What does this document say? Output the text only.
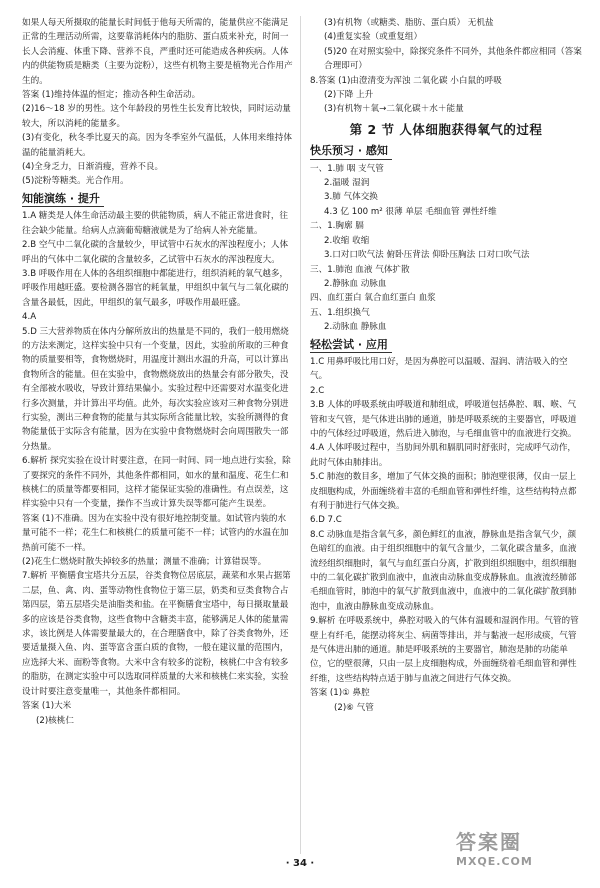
如果人每天所摄取的能量长时间低于他每天所需的，能量供应不能满足正常的生理活动所需，这要靠消耗体内的脂肪、蛋白质来补充，时间一长人会消瘦、体重下降、营养不良，严重时还可能造成各种疾病。人体内的供能物质是糖类（主要为淀粉），这些有机物主要是植物光合作用产生的。

答案 (1)维持体温的恒定；推动各种生命活动。

(2)16～18 岁的男性。这个年龄段的男性生长发育比较快，同时运动量较大，所以消耗的能量多。

(3)有变化，秋冬季比夏天的高。因为冬季室外气温低，人体用来维持体温的能量消耗大。

(4)全身乏力，日渐消瘦，营养不良。

(5)淀粉等糖类。光合作用。

知能演练 · 提升

1.A 糖类是人体生命活动最主要的供能物质，病人不能正常进食时，往往会缺少能量。给病人点滴葡萄糖液就是为了给病人补充能量。

2.B 空气中二氧化碳的含量较少，甲试管中石灰水的浑浊程度小；人体呼出的气体中二氧化碳的含量较多，乙试管中石灰水的浑浊程度大。

3.B 呼吸作用在人体的各组织细胞中都能进行，组织消耗的氧气越多，呼吸作用越旺盛。要检测各器官的耗氧量，甲组织中氧气与二氧化碳的含量各最低，因此，甲组织的氧气最多，呼吸作用最旺盛。

4.A

5.D 三大营养物质在体内分解所放出的热量是不同的，我们一般用燃烧的方法来测定，这样实验中只有一个变量，因此，实验前所取的三种食物的质量要相等，食物燃烧时，用温度计测出水温的升高，可以计算出食物所含的能量。但在实验中，食物燃烧放出的热量会有部分散失，没有全部被水吸收，导致计算结果偏小。实验过程中还需要对水温变化进行多次测量，并计算出平均值。此外，每次实验应该对三种食物分别进行实验，测出三种食物的能量与其实际所含能量比较，实验所测得的食物能量低于实际含有能量，因为在实验中食物燃烧时会向周围散失一部分热量。

6.解析 探究实验在设计时要注意，在同一时间、同一地点进行实验，除了要探究的条件不同外，其他条件都相同，如水的量和温度、花生仁和核桃仁的质量等都要相同，这样才能保证实验的准确性。有点误差，这样实验中只有一个变量，操作不当或计算失误等都可能产生误差。

答案 (1)不准确。因为在实验中没有很好地控制变量。如试管内装的水量可能不一样；花生仁和核桃仁的质量可能不一样；试管内的水温在加热前可能不一样。

(2)花生仁燃烧时散失掉较多的热量；测量不准确；计算错误等。

7.解析 平衡膳食宝塔共分五层，谷类食物位居底层，蔬菜和水果占据第二层，鱼、禽、肉、蛋等动物性食物位于第三层，奶类和豆类食物合占第四层，第五层塔尖是油脂类和盐。在平衡膳食宝塔中，每日摄取量最多的应该是谷类食物，这些食物中含糖类丰富，能够满足人体的能量需求，该比例是人体需要量最大的，在合理膳食中，除了谷类食物外，还要适量摄入鱼、肉、蛋等富含蛋白质的食物，一般在建议量的范围内，应选择大米、面粉等食物。大米中含有较多的淀粉，核桃仁中含有较多的脂肪，在测定实验中可以选取同样质量的大米和核桃仁来实验，实验设计时要注意变量唯一，其他条件都相同。

答案 (1)大米

(2)核桃仁

(3)有机物（或糖类、脂肪、蛋白质） 无机盐

(4)重复实验（或重复组）

(5)20 在对照实验中，除探究条件不同外，其他条件都应相同（答案合理即可）

8.答案 (1)由澄清变为浑浊 二氧化碳 小白鼠的呼吸

(2)下降 上升

(3)有机物＋氧→二氧化碳＋水＋能量

第 2 节 人体细胞获得氧气的过程

快乐预习 · 感知

一、1.肺 咽 支气管

2.温暖 湿润

3.肺 气体交换

4.3 亿 100 m² 很薄 单层 毛细血管 弹性纤维

二、1.胸廓 膈

2.收缩 收缩

3.口对口吹气法 俯卧压背法 仰卧压胸法 口对口吹气法

三、1.肺泡 血液 气体扩散

2.静脉血 动脉血

四、血红蛋白 氧合血红蛋白 血浆

五、1.组织换气

2.动脉血 静脉血

轻松尝试 · 应用

1.C 用鼻呼吸比用口好，是因为鼻腔可以温暖、湿润、清洁吸入的空气。

2.C

3.B 人体的呼吸系统由呼吸道和肺组成，呼吸道包括鼻腔、咽、喉、气管和支气管，是气体进出肺的通道，肺是呼吸系统的主要器官，呼吸道中的气体经过呼吸道，然后进入肺泡，与毛细血管中的血液进行交换。

4.A 人体呼吸过程中，当肋间外肌和膈肌同时舒张时，完成呼气动作，此时气体由肺排出。

5.C 肺泡的数目多，增加了气体交换的面积；肺泡壁很薄，仅由一层上皮细胞构成，外面缠绕着丰富的毛细血管和弹性纤维，这些结构特点都有利于肺进行气体交换。

6.D 7.C

8.C 动脉血是指含氧气多，颜色鲜红的血液，静脉血是指含氧气少，颜色暗红的血液。由于组织细胞中的氧气含量少，二氧化碳含量多，血液流经组织细胞时，氧气与血红蛋白分离，扩散到组织细胞中，组织细胞中的二氧化碳扩散到血液中，血液由动脉血变成静脉血。血液流经肺部毛细血管时，肺泡中的氧气扩散到血液中，血液中的二氧化碳扩散到肺泡中，血液由静脉血变成动脉血。

9.解析 在呼吸系统中，鼻腔对吸入的气体有温暖和湿润作用。气管的管壁上有纤毛，能摆动将灰尘、病菌等排出，并与黏液一起形成痰，气管是气体进出肺的通道。肺是呼吸系统的主要器官，肺泡是肺的功能单位，它的壁很薄，只由一层上皮细胞构成，外面缠绕着毛细血管和弹性纤维，这些结构特点适于肺与血液之间进行气体交换。

答案 (1)① 鼻腔

(2)⑥ 气管

· 34 ·
答案圈
MXQE.COM
